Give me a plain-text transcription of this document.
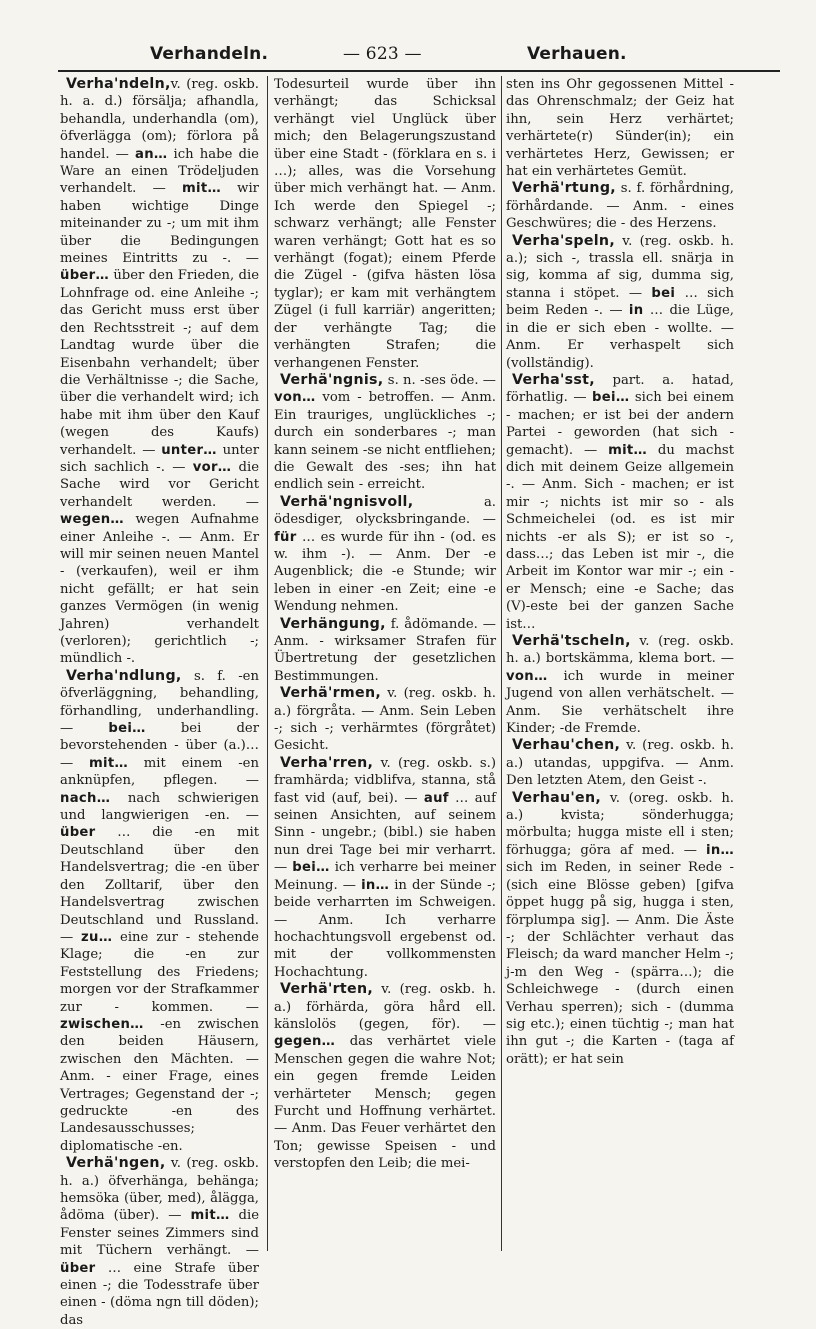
Verhandeln.	— 623 —	Verhauen.

Verha'ndeln,v. (reg. oskb. h. a. d.) försälja; afhandla, behandla, underhandla (om), öfverlägga (om); förlora på handel. — an… ich habe die Ware an einen Trödeljuden verhandelt. — mit… wir haben wichtige Dinge miteinander zu -; um mit ihm über die Bedingungen meines Eintritts zu -. — über… über den Frieden, die Lohnfrage od. eine Anleihe -; das Gericht muss erst über den Rechtsstreit -; auf dem Landtag wurde über die Eisenbahn verhandelt; über die Verhältnisse -; die Sache, über die verhandelt wird; ich habe mit ihm über den Kauf (wegen des Kaufs) verhandelt. — unter… unter sich sachlich -. — vor… die Sache wird vor Gericht verhandelt werden. — wegen… wegen Aufnahme einer Anleihe -. — Anm. Er will mir seinen neuen Mantel - (verkaufen), weil er ihm nicht gefällt; er hat sein ganzes Vermögen (in wenig Jahren) verhandelt (verloren); gerichtlich -; mündlich -.

Verha'ndlung, s. f. -en öfverläggning, behandling, förhandling, underhandling. — bei… bei der bevorstehenden - über (a.)… — mit… mit einem -en anknüpfen, pflegen. — nach… nach schwierigen und langwierigen -en. — über … die -en mit Deutschland über den Handelsvertrag; die -en über den Zolltarif, über den Handelsvertrag zwischen Deutschland und Russland. — zu… eine zur - stehende Klage; die -en zur Feststellung des Friedens; morgen vor der Strafkammer zur - kommen. — zwischen… -en zwischen den beiden Häusern, zwischen den Mächten. — Anm. - einer Frage, eines Vertrages; Gegenstand der -; gedruckte -en des Landesausschusses; diplomatische -en.

Verhä'ngen, v. (reg. oskb. h. a.) öfverhänga, behänga; hemsöka (über, med), ålägga, ådöma (über). — mit… die Fenster seines Zimmers sind mit Tüchern verhängt. — über … eine Strafe über einen -; die Todesstrafe über einen - (döma ngn till döden); das

Todesurteil wurde über ihn verhängt; das Schicksal verhängt viel Unglück über mich; den Belagerungszustand über eine Stadt - (förklara en s. i …); alles, was die Vorsehung über mich verhängt hat. — Anm. Ich werde den Spiegel -; schwarz verhängt; alle Fenster waren verhängt; Gott hat es so verhängt (fogat); einem Pferde die Zügel - (gifva hästen lösa tyglar); er kam mit verhängtem Zügel (i full karriär) angeritten; der verhängte Tag; die verhängten Strafen; die verhangenen Fenster.

Verhä'ngnis, s. n. -ses öde. — von… vom - betroffen. — Anm. Ein trauriges, unglückliches -; durch ein sonderbares -; man kann seinem -se nicht entfliehen; die Gewalt des -ses; ihn hat endlich sein - erreicht.

Verhä'ngnisvoll, a. ödesdiger, olycksbringande. — für … es wurde für ihn - (od. es w. ihm -). — Anm. Der -e Augenblick; die -e Stunde; wir leben in einer -en Zeit; eine -e Wendung nehmen.

Verhängung, f. ådömande. — Anm. - wirksamer Strafen für Übertretung der gesetzlichen Bestimmungen.

Verhä'rmen, v. (reg. oskb. h. a.) förgråta. — Anm. Sein Leben -; sich -; verhärmtes (förgråtet) Gesicht.

Verha'rren, v. (reg. oskb. s.) framhärda; vidblifva, stanna, stå fast vid (auf, bei). — auf … auf seinen Ansichten, auf seinem Sinn - ungebr.; (bibl.) sie haben nun drei Tage bei mir verharrt. — bei… ich verharre bei meiner Meinung. — in… in der Sünde -; beide verharrten im Schweigen. — Anm. Ich verharre hochachtungsvoll ergebenst od. mit der vollkommensten Hochachtung.

Verhä'rten, v. (reg. oskb. h. a.) förhärda, göra hård ell. känslolös (gegen, för). — gegen… das verhärtet viele Menschen gegen die wahre Not; ein gegen fremde Leiden verhärteter Mensch; gegen Furcht und Hoffnung verhärtet. — Anm. Das Feuer verhärtet den Ton; gewisse Speisen - und verstopfen den Leib; die mei-

sten ins Ohr gegossenen Mittel - das Ohrenschmalz; der Geiz hat ihn, sein Herz verhärtet; verhärtete(r) Sünder(in); ein verhärtetes Herz, Gewissen; er hat ein verhärtetes Gemüt.

Verhä'rtung, s. f. förhårdning, förhårdande. — Anm. - eines Geschwüres; die - des Herzens.

Verha'speln, v. (reg. oskb. h. a.); sich -, trassla ell. snärja in sig, komma af sig, dumma sig, stanna i stöpet. — bei … sich beim Reden -. — in … die Lüge, in die er sich eben - wollte. — Anm. Er verhaspelt sich (vollständig).

Verha'sst, part. a. hatad, förhatlig. — bei… sich bei einem - machen; er ist bei der andern Partei - geworden (hat sich - gemacht). — mit… du machst dich mit deinem Geize allgemein -. — Anm. Sich - machen; er ist mir -; nichts ist mir so - als Schmeichelei (od. es ist mir nichts -er als S); er ist so -, dass…; das Leben ist mir -, die Arbeit im Kontor war mir -; ein -er Mensch; eine -e Sache; das (V)-este bei der ganzen Sache ist…

Verhä'tscheln, v. (reg. oskb. h. a.) bortskämma, klema bort. — von… ich wurde in meiner Jugend von allen verhätschelt. — Anm. Sie verhätschelt ihre Kinder; -de Fremde.

Verhau'chen, v. (reg. oskb. h. a.) utandas, uppgifva. — Anm. Den letzten Atem, den Geist -.

Verhau'en, v. (oreg. oskb. h. a.) kvista; sönderhugga; mörbulta; hugga miste ell i sten; förhugga; göra af med. — in… sich im Reden, in seiner Rede - (sich eine Blösse geben) [gifva öppet hugg på sig, hugga i sten, förplumpa sig]. — Anm. Die Äste -; der Schlächter verhaut das Fleisch; da ward mancher Helm -; j-m den Weg - (spärra…); die Schleichwege - (durch einen Verhau sperren); sich - (dumma sig etc.); einen tüchtig -; man hat ihn gut -; die Karten - (taga af orätt); er hat sein
